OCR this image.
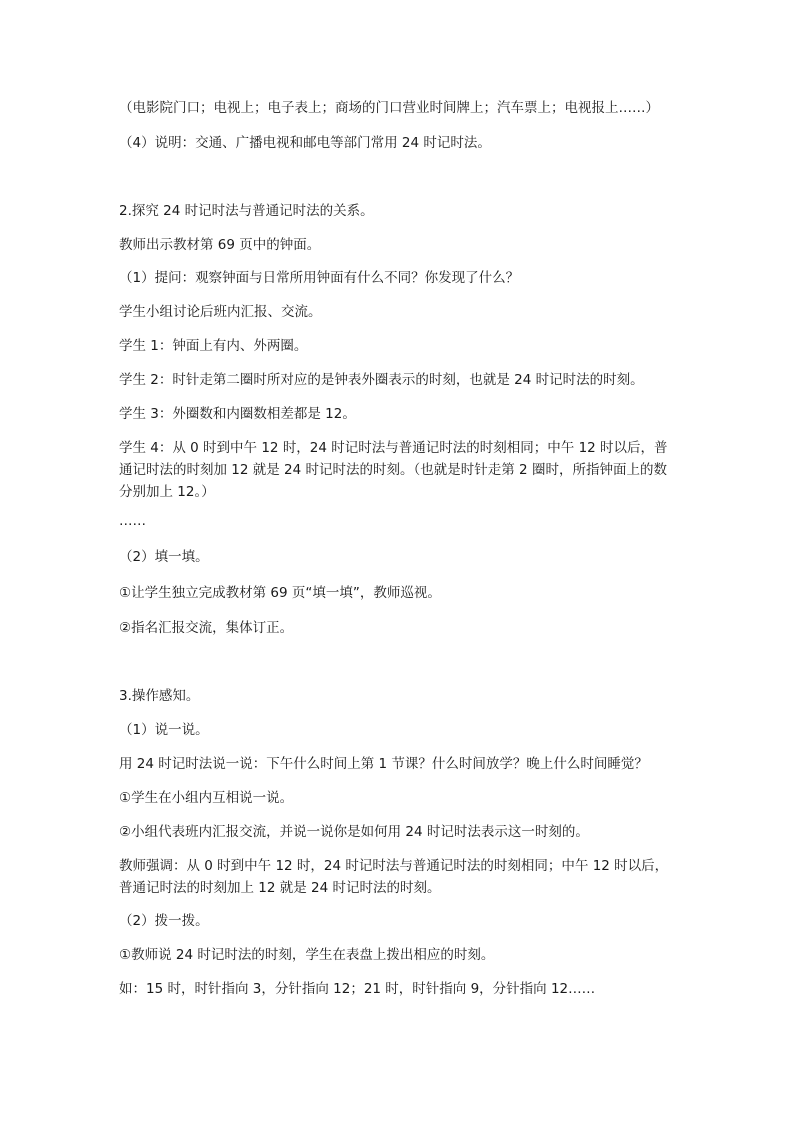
（电影院门口；电视上；电子表上；商场的门口营业时间牌上；汽车票上；电视报上……）
（4）说明：交通、广播电视和邮电等部门常用 24 时记时法。
2.探究 24 时记时法与普通记时法的关系。
教师出示教材第 69 页中的钟面。
（1）提问：观察钟面与日常所用钟面有什么不同？你发现了什么？
学生小组讨论后班内汇报、交流。
学生 1：钟面上有内、外两圈。
学生 2：时针走第二圈时所对应的是钟表外圈表示的时刻，也就是 24 时记时法的时刻。
学生 3：外圈数和内圈数相差都是 12。
学生 4：从 0 时到中午 12 时，24 时记时法与普通记时法的时刻相同；中午 12 时以后，普通记时法的时刻加 12 就是 24 时记时法的时刻。（也就是时针走第 2 圈时，所指钟面上的数分别加上 12。）
……
（2）填一填。
①让学生独立完成教材第 69 页“填一填”，教师巡视。
②指名汇报交流，集体订正。
3.操作感知。
（1）说一说。
用 24 时记时法说一说：下午什么时间上第 1 节课？什么时间放学？晚上什么时间睡觉？
①学生在小组内互相说一说。
②小组代表班内汇报交流，并说一说你是如何用 24 时记时法表示这一时刻的。
教师强调：从 0 时到中午 12 时，24 时记时法与普通记时法的时刻相同；中午 12 时以后，普通记时法的时刻加上 12 就是 24 时记时法的时刻。
（2）拨一拨。
①教师说 24 时记时法的时刻，学生在表盘上拨出相应的时刻。
如：15 时，时针指向 3，分针指向 12；21 时，时针指向 9，分针指向 12……
